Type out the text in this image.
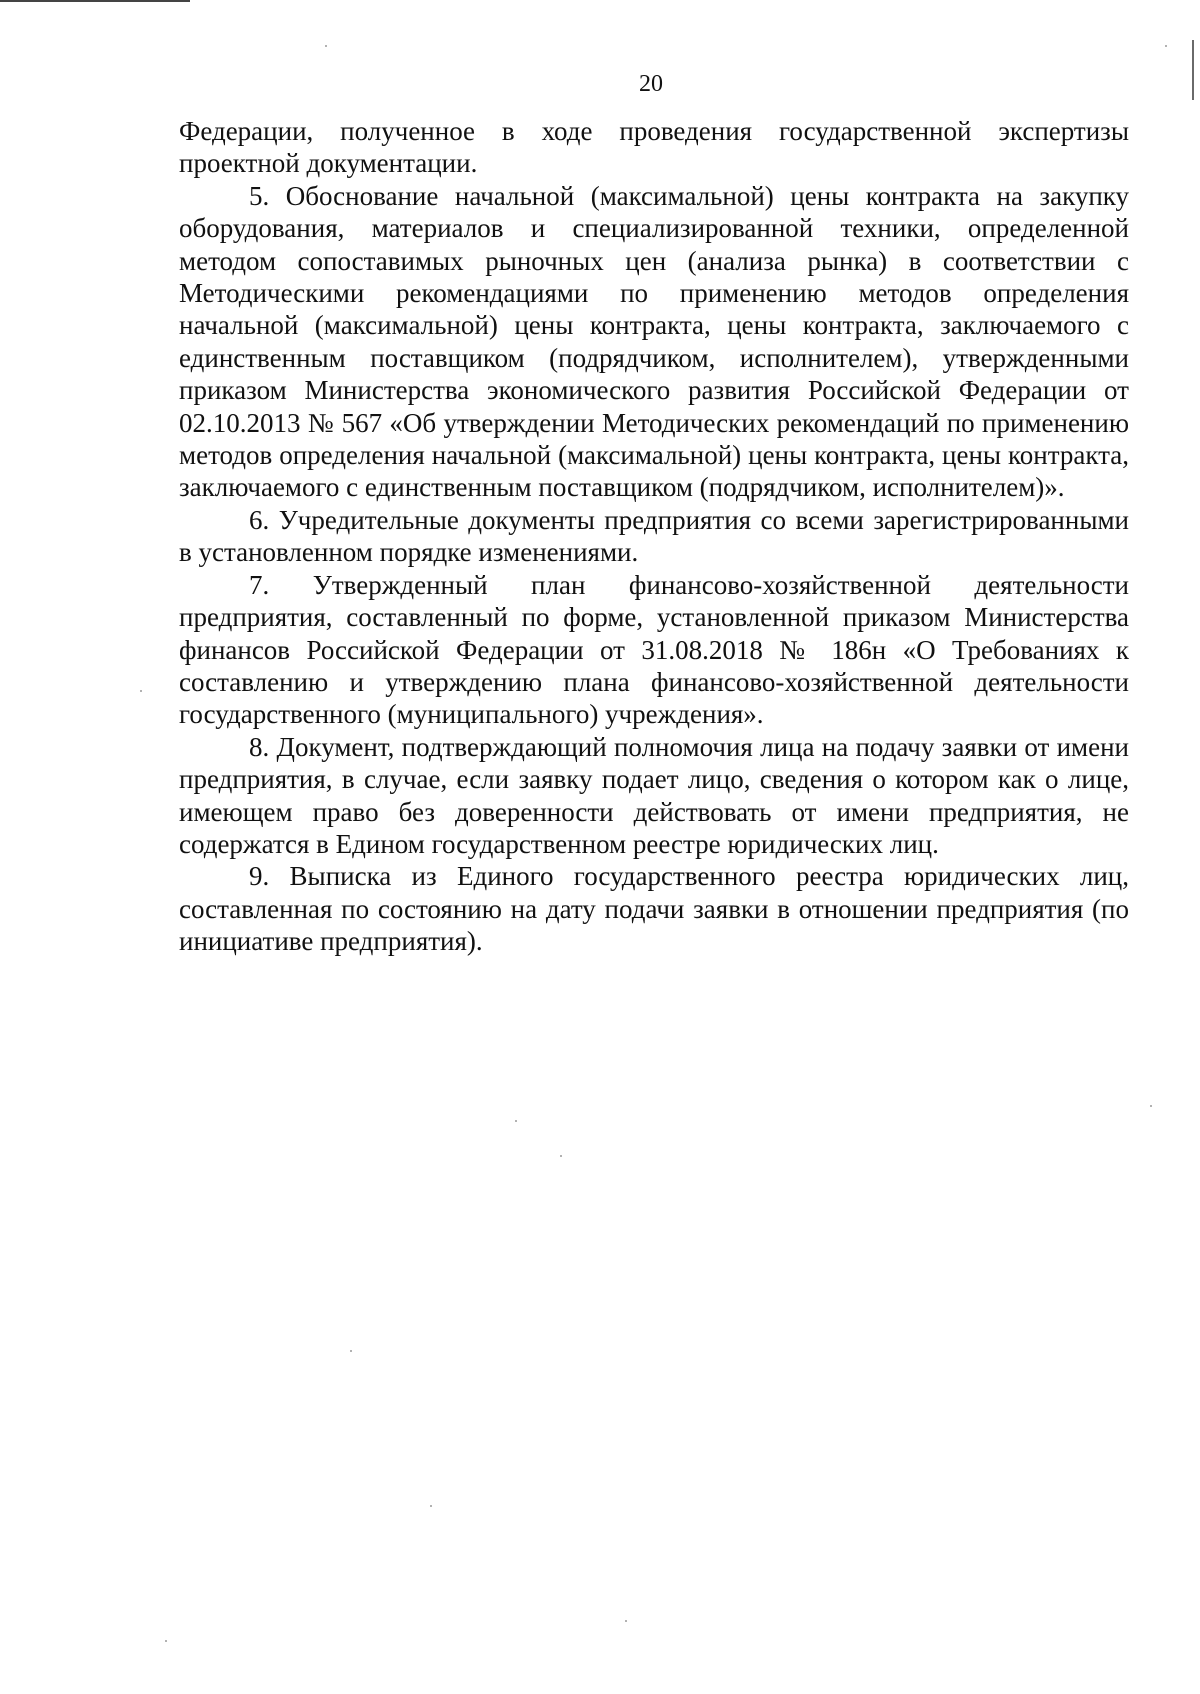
20

Федерации, полученное в ходе проведения государственной экспертизы проектной документации.

5. Обоснование начальной (максимальной) цены контракта на закупку оборудования, материалов и специализированной техники, определенной методом сопоставимых рыночных цен (анализа рынка) в соответствии с Методическими рекомендациями по применению методов определения начальной (максимальной) цены контракта, цены контракта, заключаемого с единственным поставщиком (подрядчиком, исполнителем), утвержденными приказом Министерства экономического развития Российской Федерации от 02.10.2013 № 567 «Об утверждении Методических рекомендаций по применению методов определения начальной (максимальной) цены контракта, цены контракта, заключаемого с единственным поставщиком (подрядчиком, исполнителем)».

6. Учредительные документы предприятия со всеми зарегистрированными в установленном порядке изменениями.

7. Утвержденный план финансово-хозяйственной деятельности предприятия, составленный по форме, установленной приказом Министерства финансов Российской Федерации от 31.08.2018 № 186н «О Требованиях к составлению и утверждению плана финансово-хозяйственной деятельности государственного (муниципального) учреждения».

8. Документ, подтверждающий полномочия лица на подачу заявки от имени предприятия, в случае, если заявку подает лицо, сведения о котором как о лице, имеющем право без доверенности действовать от имени предприятия, не содержатся в Едином государственном реестре юридических лиц.

9. Выписка из Единого государственного реестра юридических лиц, составленная по состоянию на дату подачи заявки в отношении предприятия (по инициативе предприятия).
